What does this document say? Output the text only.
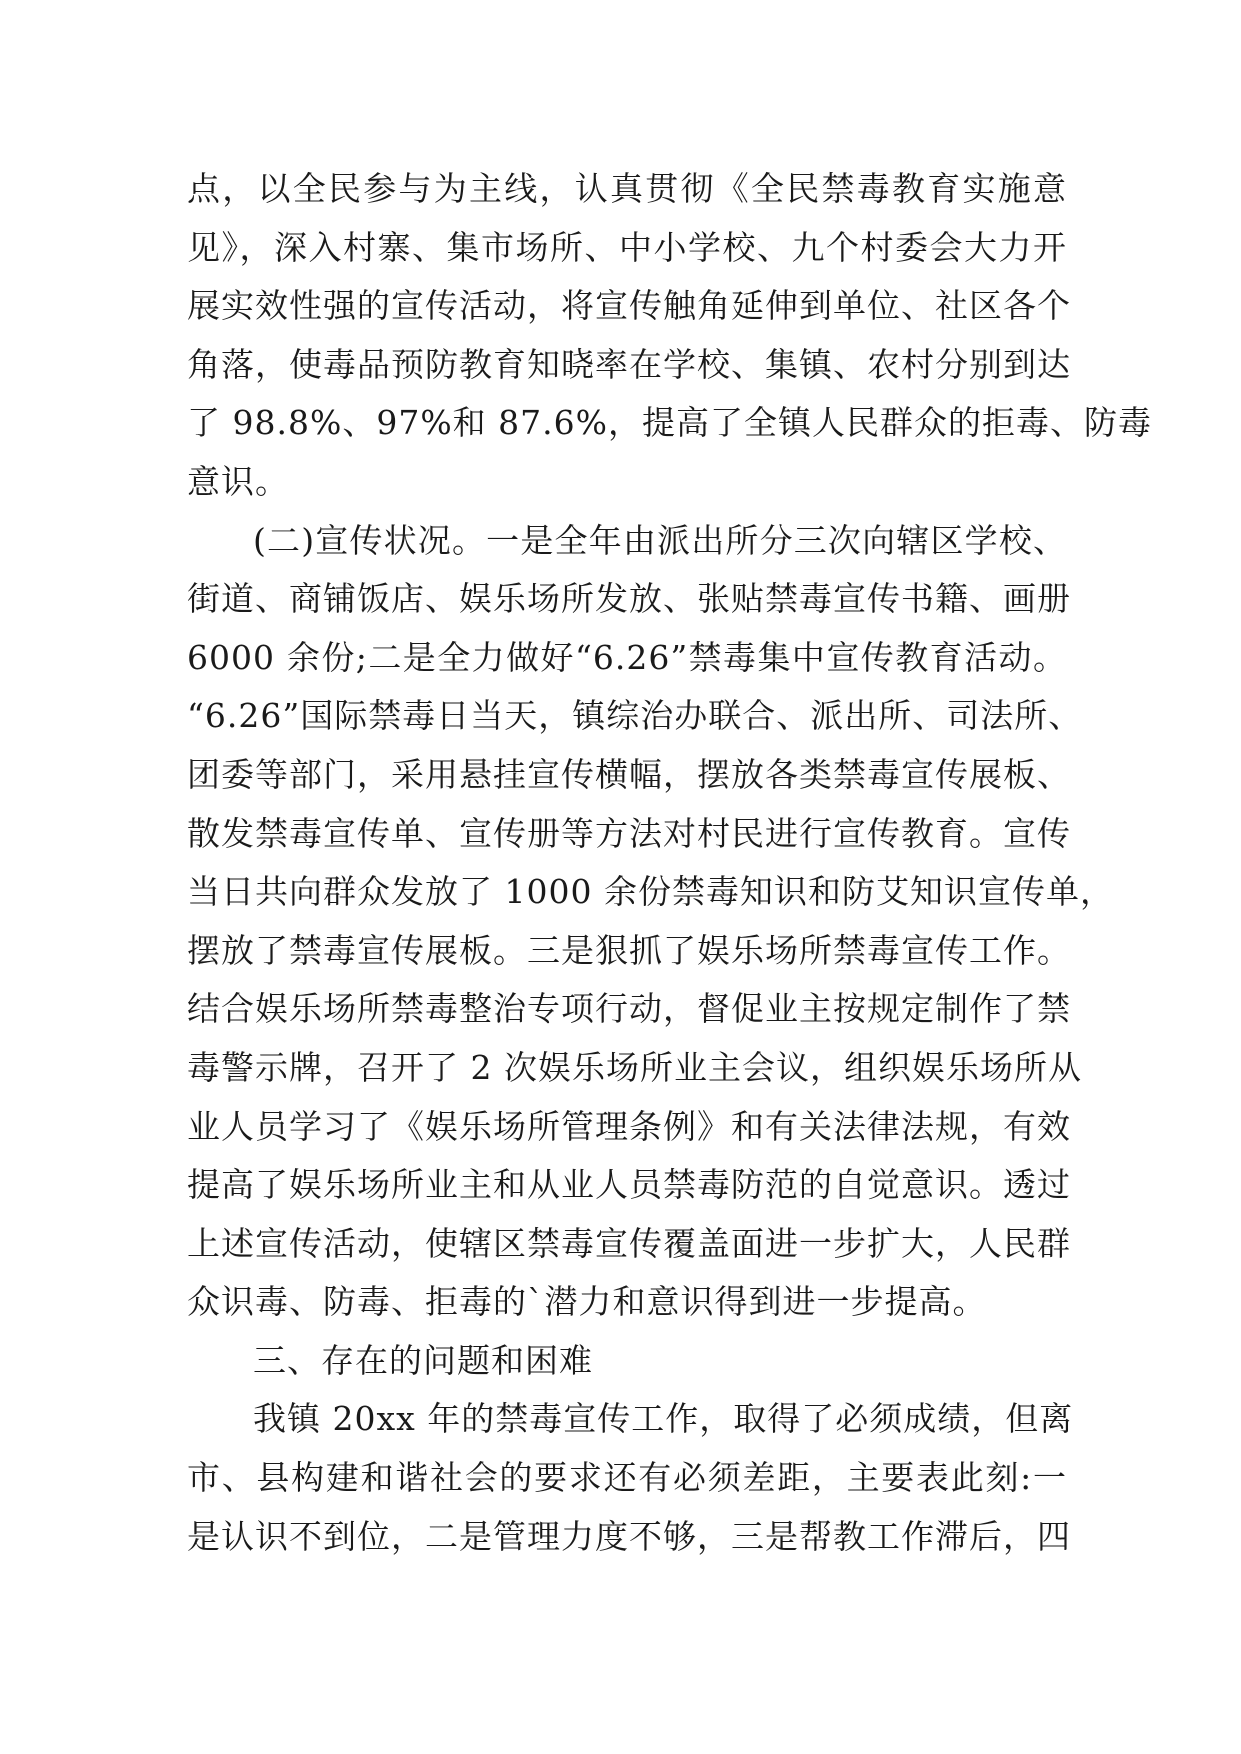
点，以全民参与为主线，认真贯彻《全民禁毒教育实施意
见》，深入村寨、集市场所、中小学校、九个村委会大力开
展实效性强的宣传活动，将宣传触角延伸到单位、社区各个
角落，使毒品预防教育知晓率在学校、集镇、农村分别到达
了 98.8%、97%和 87.6%，提高了全镇人民群众的拒毒、防毒
意识。
(二)宣传状况。一是全年由派出所分三次向辖区学校、
街道、商铺饭店、娱乐场所发放、张贴禁毒宣传书籍、画册
6000 余份;二是全力做好“6.26”禁毒集中宣传教育活动。
“6.26”国际禁毒日当天，镇综治办联合、派出所、司法所、
团委等部门，采用悬挂宣传横幅，摆放各类禁毒宣传展板、
散发禁毒宣传单、宣传册等方法对村民进行宣传教育。宣传
当日共向群众发放了 1000 余份禁毒知识和防艾知识宣传单，
摆放了禁毒宣传展板。三是狠抓了娱乐场所禁毒宣传工作。
结合娱乐场所禁毒整治专项行动，督促业主按规定制作了禁
毒警示牌，召开了 2 次娱乐场所业主会议，组织娱乐场所从
业人员学习了《娱乐场所管理条例》和有关法律法规，有效
提高了娱乐场所业主和从业人员禁毒防范的自觉意识。透过
上述宣传活动，使辖区禁毒宣传覆盖面进一步扩大，人民群
众识毒、防毒、拒毒的`潜力和意识得到进一步提高。
三、存在的问题和困难
我镇 20xx 年的禁毒宣传工作，取得了必须成绩，但离
市、县构建和谐社会的要求还有必须差距，主要表此刻:一
是认识不到位，二是管理力度不够，三是帮教工作滞后，四
